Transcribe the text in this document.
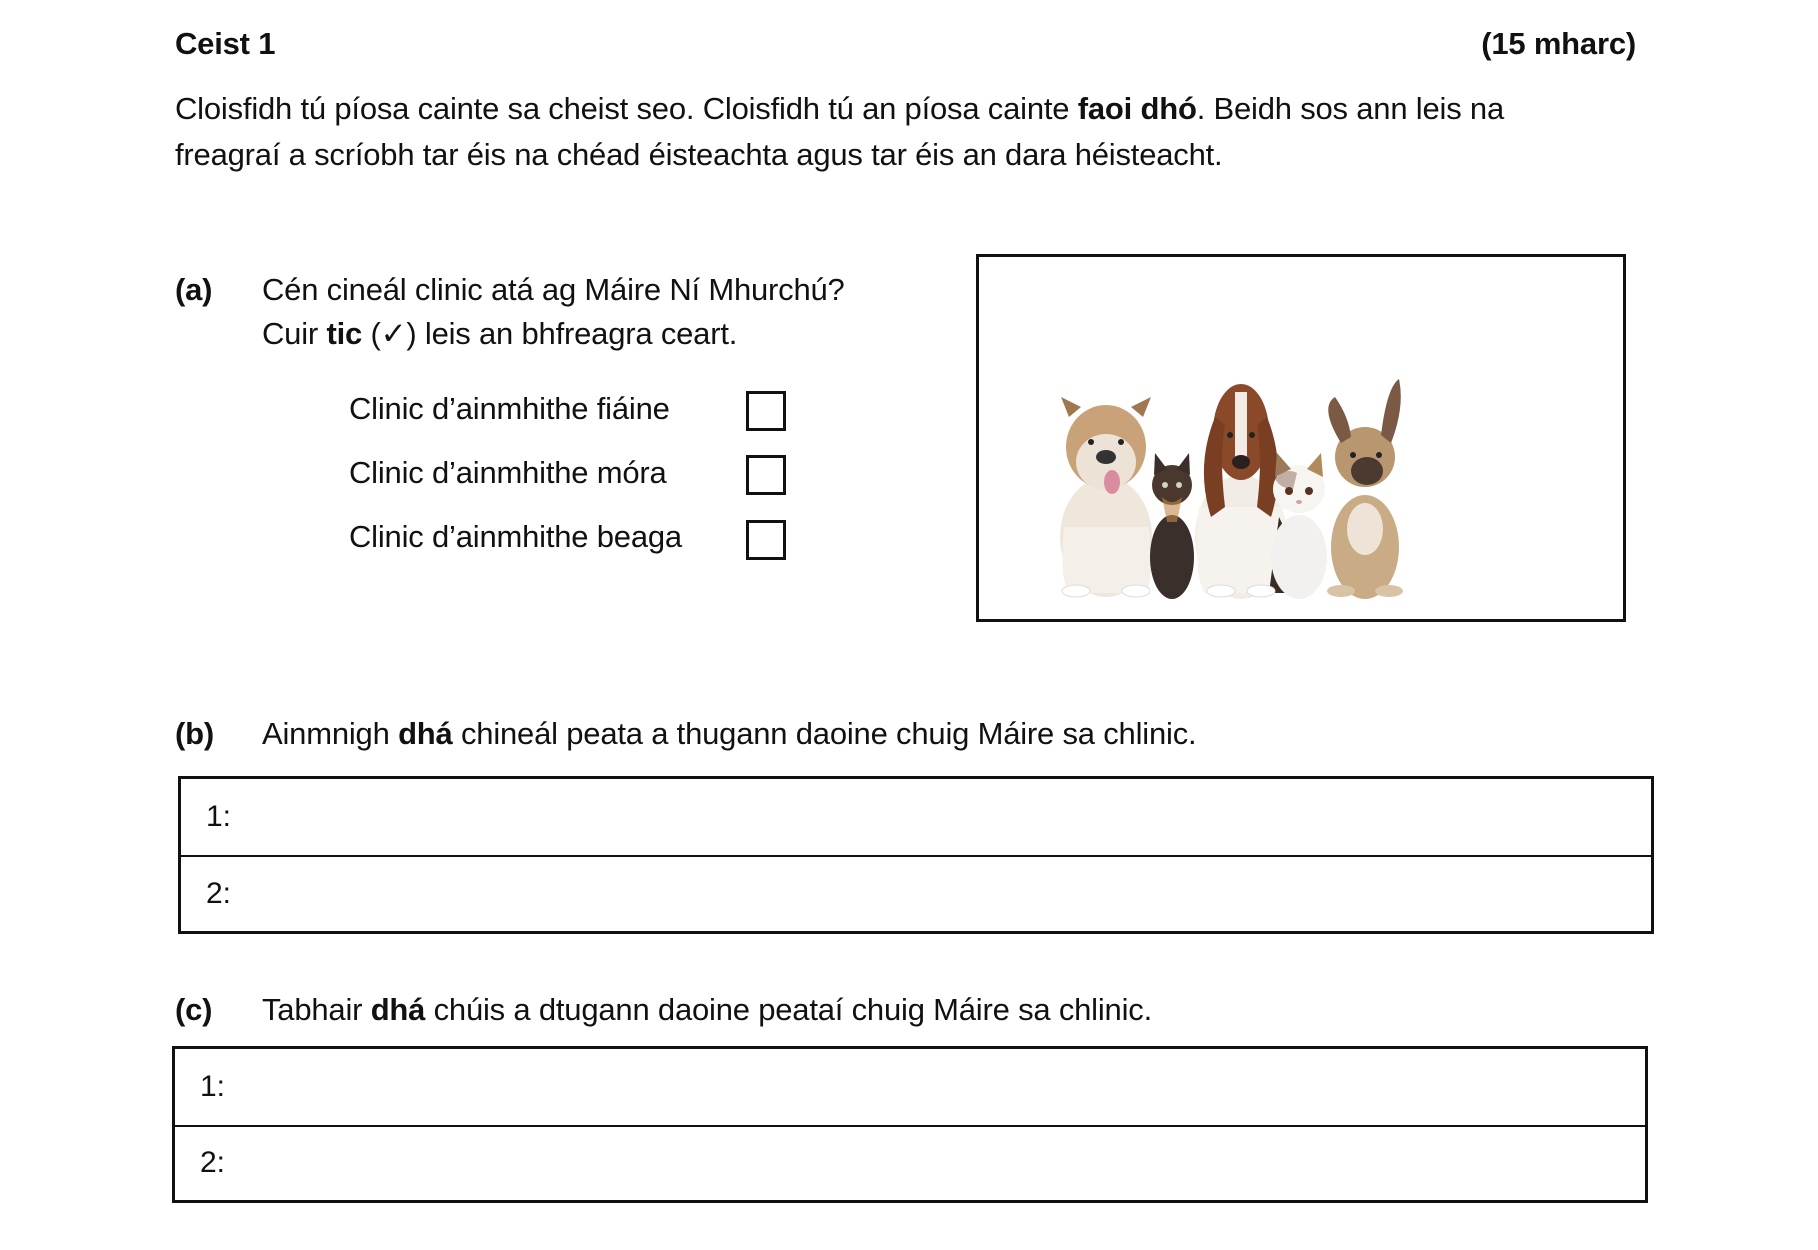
Ceist 1	(15 mharc)
Cloisfidh tú píosa cainte sa cheist seo. Cloisfidh tú an píosa cainte faoi dhó. Beidh sos ann leis na
freagraí a scríobh tar éis na chéad éisteachta agus tar éis an dara héisteacht.
(a) Cén cineál clinic atá ag Máire Ní Mhurchú?
Cuir tic (✓) leis an bhfreagra ceart.
Clinic d’ainmhithe fiáine
Clinic d’ainmhithe móra
Clinic d’ainmhithe beaga
(b) Ainmnigh dhá chineál peata a thugann daoine chuig Máire sa chlinic.
1:
2:
(c) Tabhair dhá chúis a dtugann daoine peataí chuig Máire sa chlinic.
1:
2:
